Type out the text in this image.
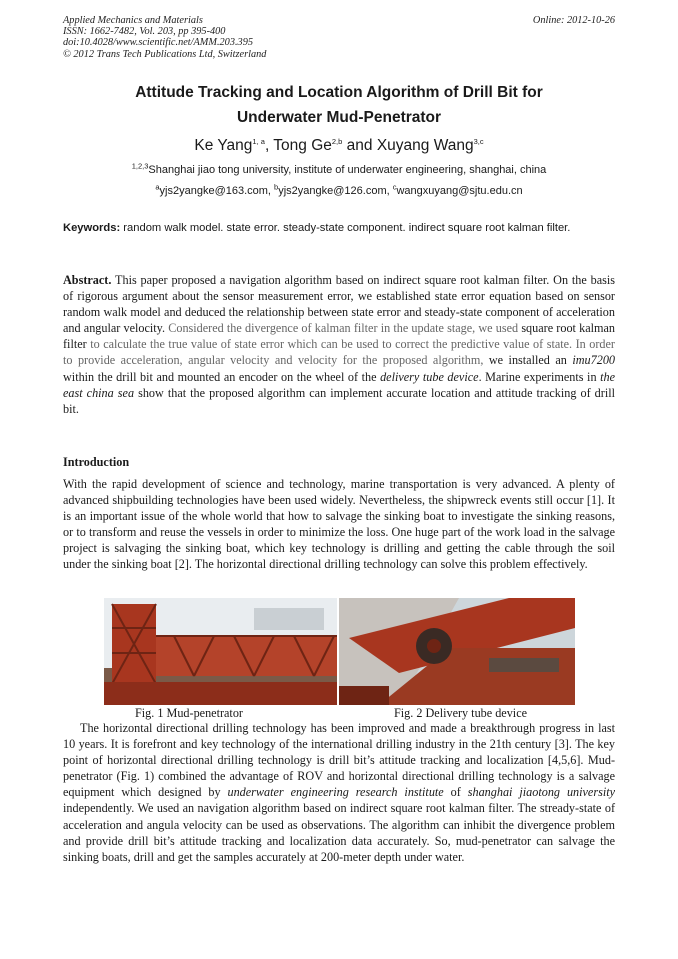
Applied Mechanics and Materials
ISSN: 1662-7482, Vol. 203, pp 395-400
doi:10.4028/www.scientific.net/AMM.203.395
© 2012 Trans Tech Publications Ltd, Switzerland
Online: 2012-10-26
Attitude Tracking and Location Algorithm of Drill Bit for
Underwater Mud-Penetrator
Ke Yang$^{1, a}$, Tong Ge$^{2,b}$ and Xuyang Wang$^{3,c}$
$^{1,2,3}$Shanghai jiao tong university, institute of underwater engineering, shanghai, china
$^a$yjs2yangke@163.com, $^b$yjs2yangke@126.com, $^c$wangxuyang@sjtu.edu.cn
Keywords: random walk model. state error. steady-state component. indirect square root kalman filter.
Abstract. This paper proposed a navigation algorithm based on indirect square root kalman filter. On the basis of rigorous argument about the sensor measurement error, we established state error equation based on sensor random walk model and deduced the relationship between state error and steady-state component of acceleration and angular velocity. Considered the divergence of kalman filter in the update stage, we used square root kalman filter to calculate the true value of state error which can be used to correct the predictive value of state. In order to provide acceleration, angular velocity and velocity for the proposed algorithm, we installed an imu7200 within the drill bit and mounted an encoder on the wheel of the delivery tube device. Marine experiments in the east china sea show that the proposed algorithm can implement accurate location and attitude tracking of drill bit.
Introduction
With the rapid development of science and technology, marine transportation is very advanced. A plenty of advanced shipbuilding technologies have been used widely. Nevertheless, the shipwreck events still occur [1]. It is an important issue of the whole world that how to salvage the sinking boat to investigate the sinking reasons, or to transform and reuse the vessels in order to minimize the loss. One huge part of the work load in the salvage project is salvaging the sinking boat, which key technology is drilling and getting the cable through the soil under the sinking boat [2]. The horizontal directional drilling technology can solve this problem effectively.
Fig. 1 Mud-penetrator	Fig. 2 Delivery tube device
The horizontal directional drilling technology has been improved and made a breakthrough progress in last 10 years. It is forefront and key technology of the international drilling industry in the 21th century [3]. The key point of horizontal directional drilling technology is drill bit’s attitude tracking and localization [4,5,6]. Mud-penetrator (Fig. 1) combined the advantage of ROV and horizontal directional drilling technology is a salvage equipment which designed by underwater engineering research institute of shanghai jiaotong university independently. We used an navigation algorithm based on indirect square root kalman filter. The stready-state of acceleration and angula velocity can be used as observations. The algorithm can inhibit the divergence problem and provide drill bit’s attitude tracking and localization data accurately. So, mud-penetrator can salvage the sinking boats, drill and get the samples accurately at 200-meter depth under water.
